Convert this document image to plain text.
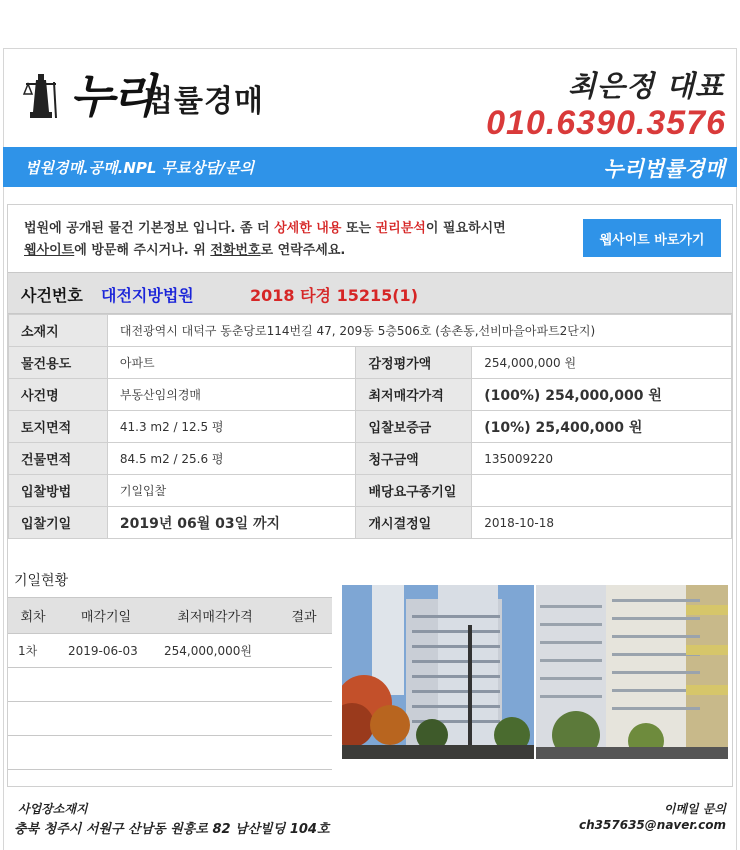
누리
법률경매	최은정 대표
010.6390.3576
법원경매.공매.NPL 무료상담/문의	누리법률경매
법원에 공개된 물건 기본정보 입니다. 좀 더 상세한 내용 또는 권리분석이 필요하시면
웹사이트에 방문해 주시거나. 위 전화번호로 연락주세요.
웹사이트 바로가기
사건번호 대전지방법원	2018 타경 15215(1)
소재지	대전광역시 대덕구 동춘당로114번길 47, 209동 5층506호 (송촌동,선비마을아파트2단지)		
물건용도	아파트	감정평가액	254,000,000 원
사건명	부동산임의경매	최저매각가격	(100%) 254,000,000 원
토지면적	41.3 m2 / 12.5 평	입찰보증금	(10%) 25,400,000 원
건물면적	84.5 m2 / 25.6 평	청구금액	135009220
입찰방법	기일입찰	배당요구종기일	
입찰기일	2019년 06월 03일 까지	개시결정일	2018-10-18
기일현황
회차	매각기일	최저매각가격	결과
1차	2019-06-03	254,000,000원	

사업장소재지
충북 청주시 서원구 산남동 원흥로 82 남산빌딩 104호
이메일 문의
ch357635@naver.com
